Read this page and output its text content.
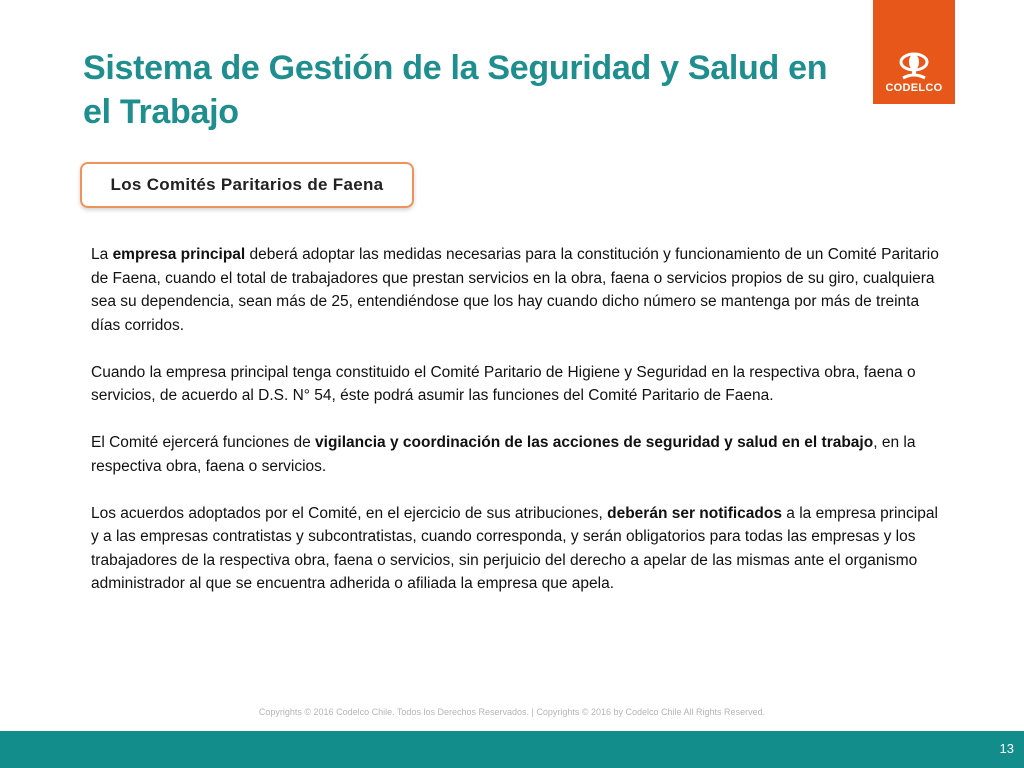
Sistema de Gestión de la Seguridad y Salud en el Trabajo
CODELCO
Los Comités Paritarios de Faena

La empresa principal deberá adoptar las medidas necesarias para la constitución y funcionamiento de un Comité Paritario de Faena, cuando el total de trabajadores que prestan servicios en la obra, faena o servicios propios de su giro, cualquiera sea su dependencia, sean más de 25, entendiéndose que los hay cuando dicho número se mantenga por más de treinta días corridos.

Cuando la empresa principal tenga constituido el Comité Paritario de Higiene y Seguridad en la respectiva obra, faena o servicios, de acuerdo al D.S. N° 54, éste podrá asumir las funciones del Comité Paritario de Faena.

El Comité ejercerá funciones de vigilancia y coordinación de las acciones de seguridad y salud en el trabajo, en la respectiva obra, faena o servicios.

Los acuerdos adoptados por el Comité, en el ejercicio de sus atribuciones, deberán ser notificados a la empresa principal y a las empresas contratistas y subcontratistas, cuando corresponda, y serán obligatorios para todas las empresas y los trabajadores de la respectiva obra, faena o servicios, sin perjuicio del derecho a apelar de las mismas ante el organismo administrador al que se encuentra adherida o afiliada la empresa que apela.

Copyrights © 2016 Codelco Chile. Todos los Derechos Reservados. | Copyrights © 2016 by Codelco Chile All Rights Reserved.
13
